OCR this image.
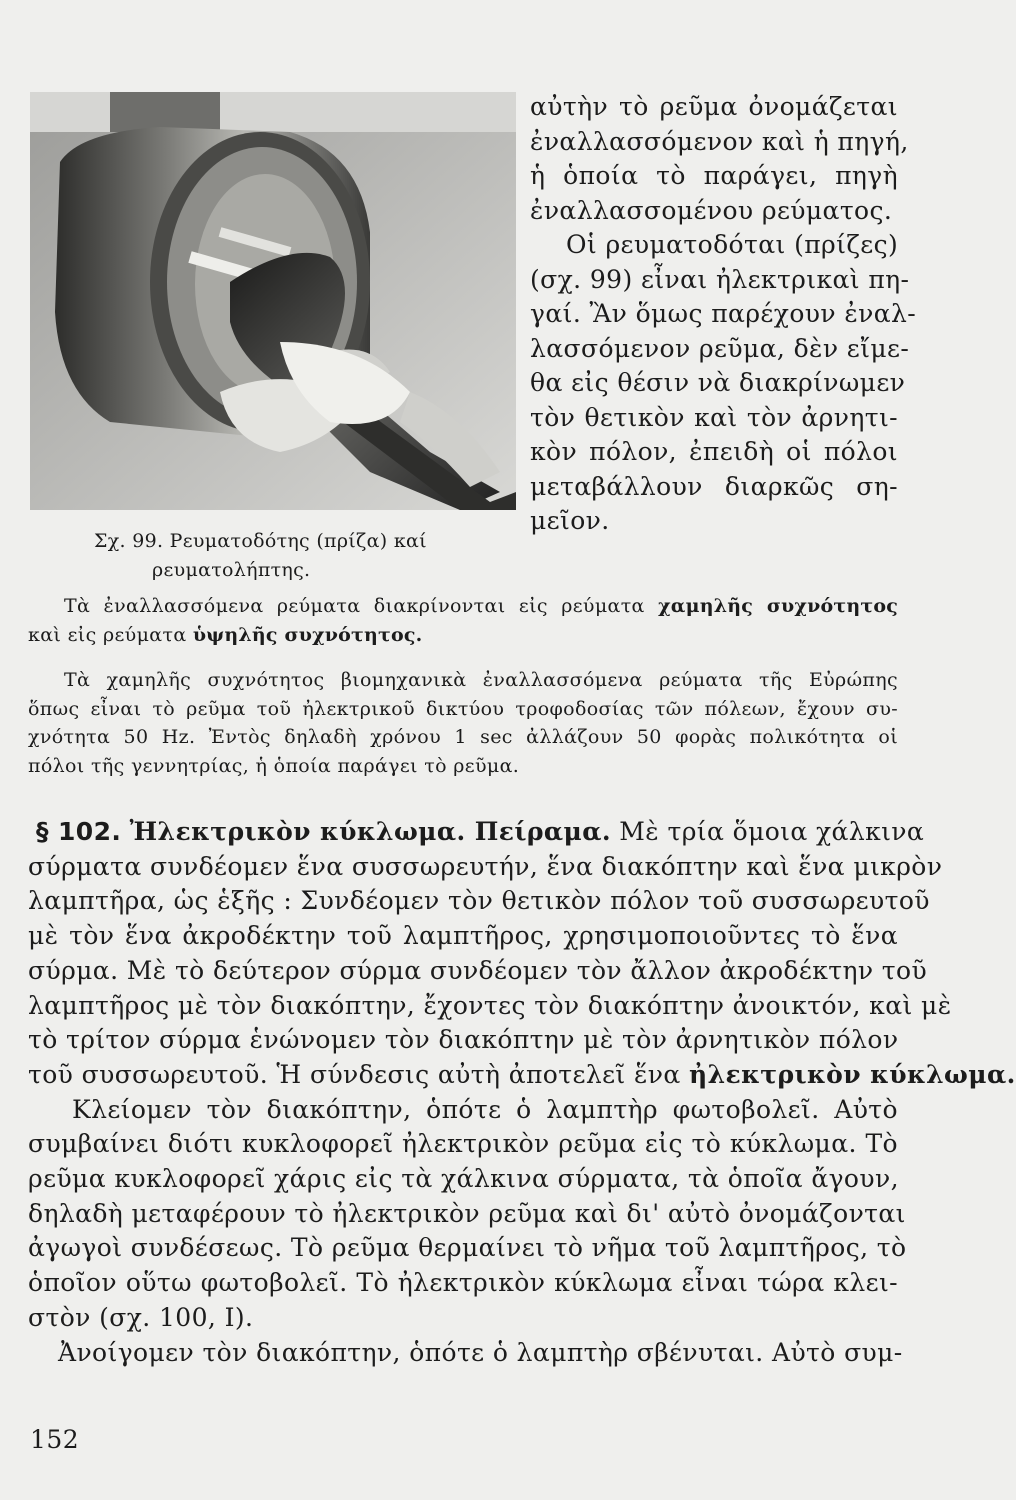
Σχ. 99. Ρευματοδότης (πρίζα) καί
ρευματολήπτης.
αὐτὴν τὸ ρεῦμα ὀνομάζεται
ἐναλλασσόμενον καὶ ἡ πηγή,
ἡ ὁποία τὸ παράγει, πηγὴ
ἐναλλασσομένου ρεύματος.
Οἱ ρευματοδόται (πρίζες)
(σχ. 99) εἶναι ἠλεκτρικαὶ πη-
γαί. Ἂν ὅμως παρέχουν ἐναλ-
λασσόμενον ρεῦμα, δὲν εἴμε-
θα εἰς θέσιν νὰ διακρίνωμεν
τὸν θετικὸν καὶ τὸν ἀρνητι-
κὸν πόλον, ἐπειδὴ οἱ πόλοι
μεταβάλλουν διαρκῶς ση-
μεῖον.
Τὰ ἐναλλασσόμενα ρεύματα διακρίνονται εἰς ρεύματα χαμηλῆς συχνότητος
καὶ εἰς ρεύματα ὑψηλῆς συχνότητος.
Τὰ χαμηλῆς συχνότητος βιομηχανικὰ ἐναλλασσόμενα ρεύματα τῆς Εὐρώπης
ὅπως εἶναι τὸ ρεῦμα τοῦ ἠλεκτρικοῦ δικτύου τροφοδοσίας τῶν πόλεων, ἔχουν συ-
χνότητα 50 Hz. Ἐντὸς δηλαδὴ χρόνου 1 sec ἀλλάζουν 50 φορὰς πολικότητα οἱ
πόλοι τῆς γεννητρίας, ἡ ὁποία παράγει τὸ ρεῦμα.
§ 102. Ἠλεκτρικὸν κύκλωμα. Πείραμα. Μὲ τρία ὅμοια χάλκινα
σύρματα συνδέομεν ἕνα συσσωρευτήν, ἕνα διακόπτην καὶ ἕνα μικρὸν
λαμπτῆρα, ὡς ἑξῆς : Συνδέομεν τὸν θετικὸν πόλον τοῦ συσσωρευτοῦ
μὲ τὸν ἕνα ἀκροδέκτην τοῦ λαμπτῆρος, χρησιμοποιοῦντες τὸ ἕνα
σύρμα. Μὲ τὸ δεύτερον σύρμα συνδέομεν τὸν ἄλλον ἀκροδέκτην τοῦ
λαμπτῆρος μὲ τὸν διακόπτην, ἔχοντες τὸν διακόπτην ἀνοικτόν, καὶ μὲ
τὸ τρίτον σύρμα ἑνώνομεν τὸν διακόπτην μὲ τὸν ἀρνητικὸν πόλον
τοῦ συσσωρευτοῦ. Ἡ σύνδεσις αὐτὴ ἀποτελεῖ ἕνα ἠλεκτρικὸν κύκλωμα.
Κλείομεν τὸν διακόπτην, ὁπότε ὁ λαμπτὴρ φωτοβολεῖ. Αὐτὸ
συμβαίνει διότι κυκλοφορεῖ ἠλεκτρικὸν ρεῦμα εἰς τὸ κύκλωμα. Τὸ
ρεῦμα κυκλοφορεῖ χάρις εἰς τὰ χάλκινα σύρματα, τὰ ὁποῖα ἄγουν,
δηλαδὴ μεταφέρουν τὸ ἠλεκτρικὸν ρεῦμα καὶ δι' αὐτὸ ὀνομάζονται
ἀγωγοὶ συνδέσεως. Τὸ ρεῦμα θερμαίνει τὸ νῆμα τοῦ λαμπτῆρος, τὸ
ὁποῖον οὕτω φωτοβολεῖ. Τὸ ἠλεκτρικὸν κύκλωμα εἶναι τώρα κλει-
στὸν (σχ. 100, I).
Ἀνοίγομεν τὸν διακόπτην, ὁπότε ὁ λαμπτὴρ σβένυται. Αὐτὸ συμ-
152
